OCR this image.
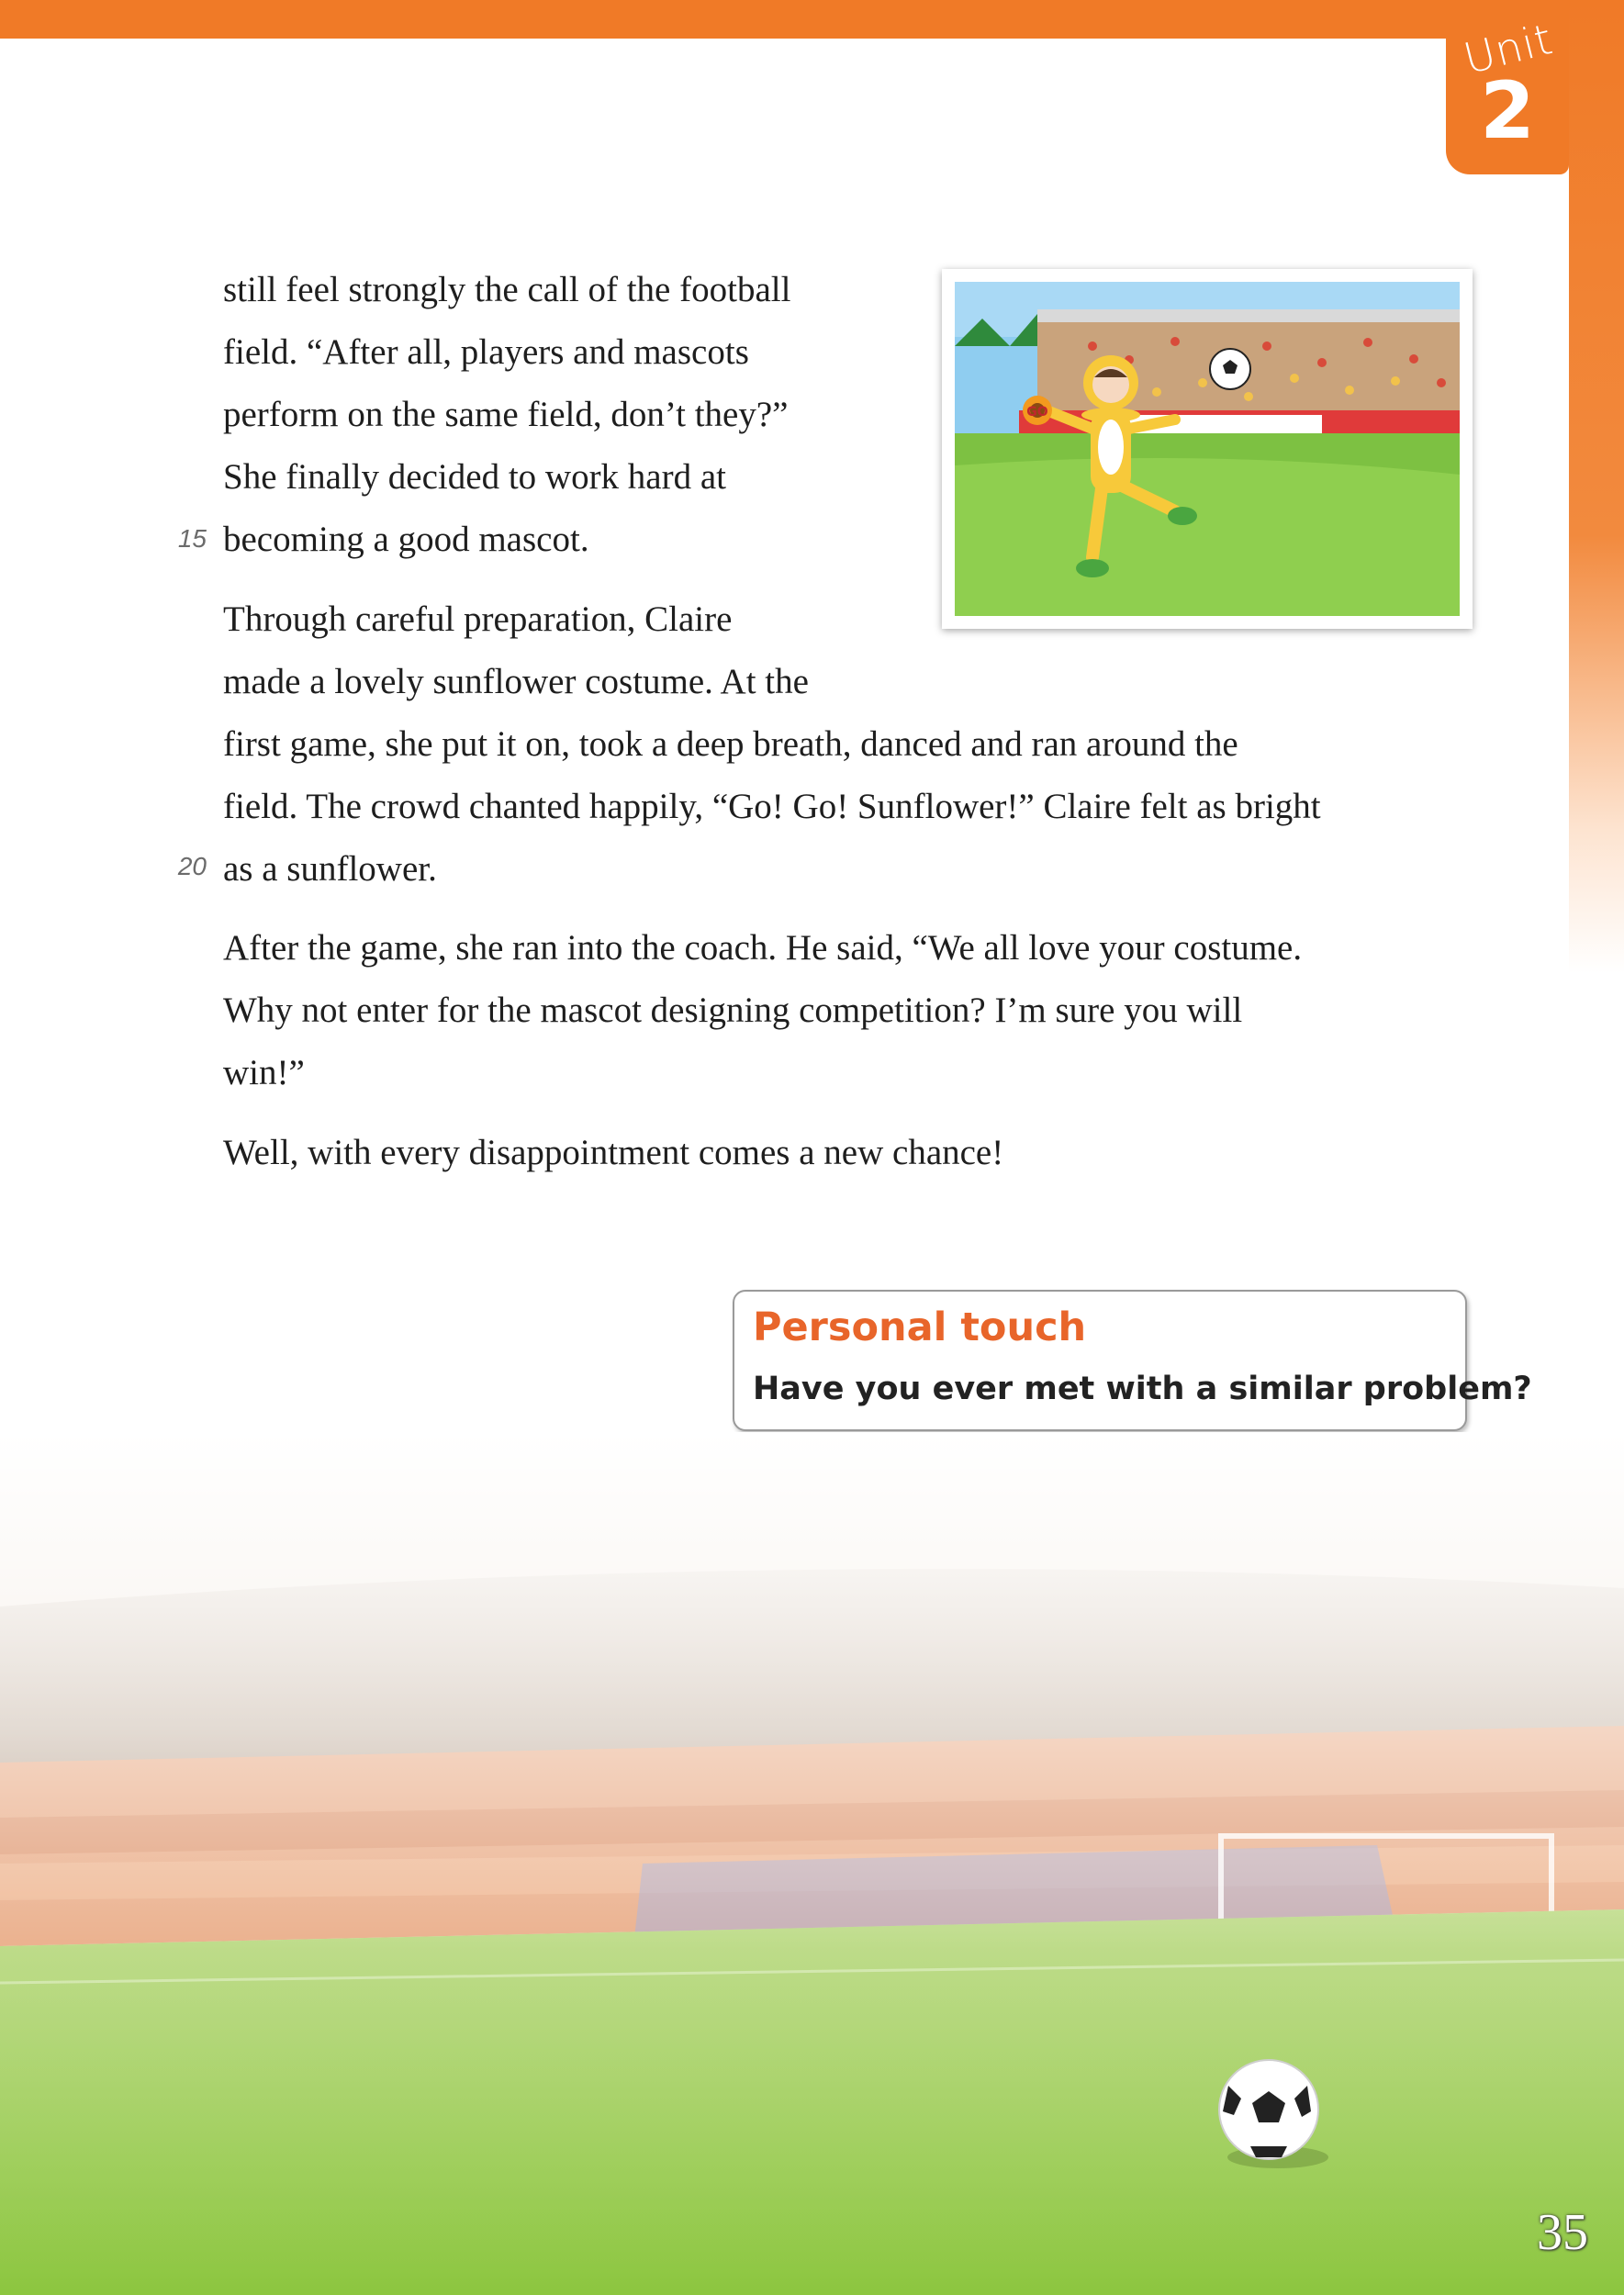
Unit
2

still feel strongly the call of the football
field. “After all, players and mascots
perform on the same field, don’t they?”
She finally decided to work hard at
becoming a good mascot.

15

Through careful preparation, Claire
made a lovely sunflower costume. At the
first game, she put it on, took a deep breath, danced and ran around the
field. The crowd chanted happily, “Go! Go! Sunflower!” Claire felt as bright
as a sunflower.

20

After the game, she ran into the coach. He said, “We all love your costume.
Why not enter for the mascot designing competition? I’m sure you will
win!”

Well, with every disappointment comes a new chance!

GO
Personal touch
Have you ever met with a similar problem?
35
